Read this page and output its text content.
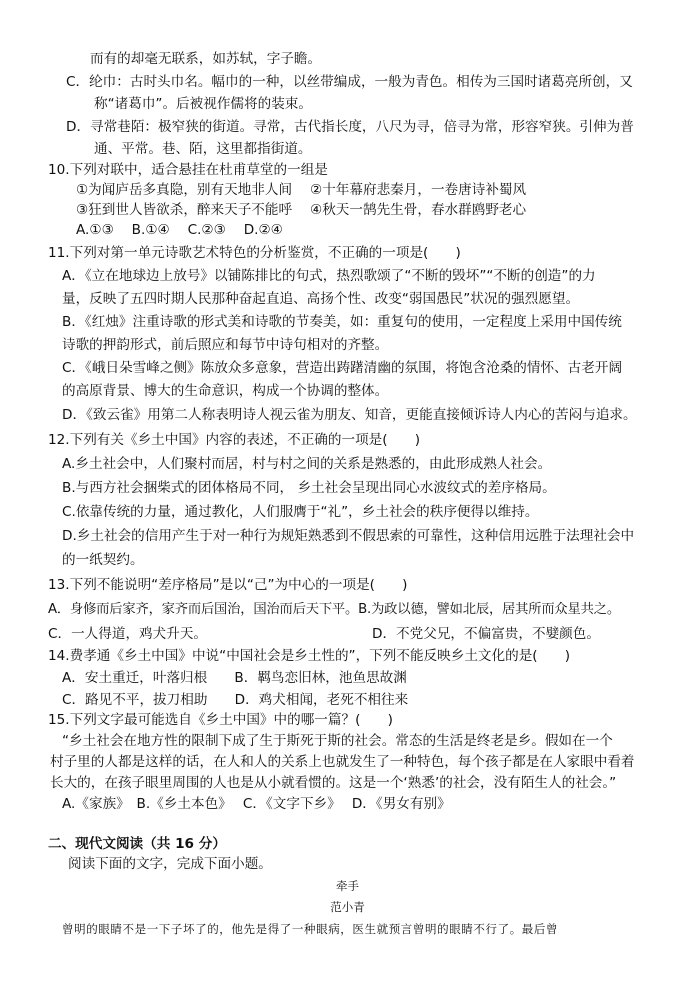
而有的却毫无联系，如苏轼，字子瞻。
C．纶巾：古时头巾名。幅巾的一种，以丝带编成，一般为青色。相传为三国时诸葛亮所创，又
称“诸葛巾”。后被视作儒将的装束。
D．寻常巷陌：极窄狭的街道。寻常，古代指长度，八尺为寻，倍寻为常，形容窄狭。引伸为普
通、平常。巷、陌，这里都指街道。
10.下列对联中，适合悬挂在杜甫草堂的一组是
①为闻庐岳多真隐，别有天地非人间　 ②十年幕府悲秦月，一卷唐诗补蜀风
③狂到世人皆欲杀，醉来天子不能呼　 ④秋天一鹄先生骨，春水群鸥野老心
A.①③　 B.①④　 C.②③　 D.②④
11.下列对第一单元诗歌艺术特色的分析鉴赏，不正确的一项是(　　)
A．《立在地球边上放号》以铺陈排比的句式，热烈歌颂了“不断的毁坏”“不断的创造”的力
量，反映了五四时期人民那种奋起直追、高扬个性、改变“弱国愚民”状况的强烈愿望。
B．《红烛》注重诗歌的形式美和诗歌的节奏美，如：重复句的使用，一定程度上采用中国传统
诗歌的押韵形式，前后照应和每节中诗句相对的齐整。
C．《峨日朵雪峰之侧》陈放众多意象，营造出踌躇清幽的氛围，将饱含沧桑的情怀、古老开阔
的高原背景、博大的生命意识，构成一个协调的整体。
D．《致云雀》用第二人称表明诗人视云雀为朋友、知音，更能直接倾诉诗人内心的苦闷与追求。
12.下列有关《乡土中国》内容的表述，不正确的一项是(　　)
A.乡土社会中，人们聚村而居，村与村之间的关系是熟悉的，由此形成熟人社会。
B.与西方社会捆柴式的团体格局不同， 乡土社会呈现出同心水波纹式的差序格局。
C.依靠传统的力量，通过教化，人们服膺于“礼”，乡土社会的秩序便得以维持。
D.乡土社会的信用产生于对一种行为规矩熟悉到不假思索的可靠性，这种信用远胜于法理社会中
的一纸契约。
13.下列不能说明“差序格局”是以“己”为中心的一项是(　　)
A．身修而后家齐，家齐而后国治，国治而后天下平。B.为政以德，譬如北辰，居其所而众星共之。
C．一人得道，鸡犬升天。	D．不党父兄，不偏富贵，不嬖颜色。
14.费孝通《乡土中国》中说“中国社会是乡土性的”，下列不能反映乡土文化的是(　　)
A．安土重迁，叶落归根　　B．羁鸟恋旧林，池鱼思故渊
C．路见不平，拔刀相助　　D．鸡犬相闻，老死不相往来
15.下列文字最可能选自《乡土中国》中的哪一篇？(　　)
“乡土社会在地方性的限制下成了生于斯死于斯的社会。常态的生活是终老是乡。假如在一个
村子里的人都是这样的话，在人和人的关系上也就发生了一种特色，每个孩子都是在人家眼中看着
长大的，在孩子眼里周围的人也是从小就看惯的。这是一个‘熟悉’的社会，没有陌生人的社会。”
A.《家族》　B.《乡土本色》　 C．《文字下乡》　 D．《男女有别》
二、现代文阅读（共 16 分）
阅读下面的文字，完成下面小题。
牵手
范小青
曾明的眼睛不是一下子坏了的，他先是得了一种眼病，医生就预言曾明的眼睛不行了。最后曾
